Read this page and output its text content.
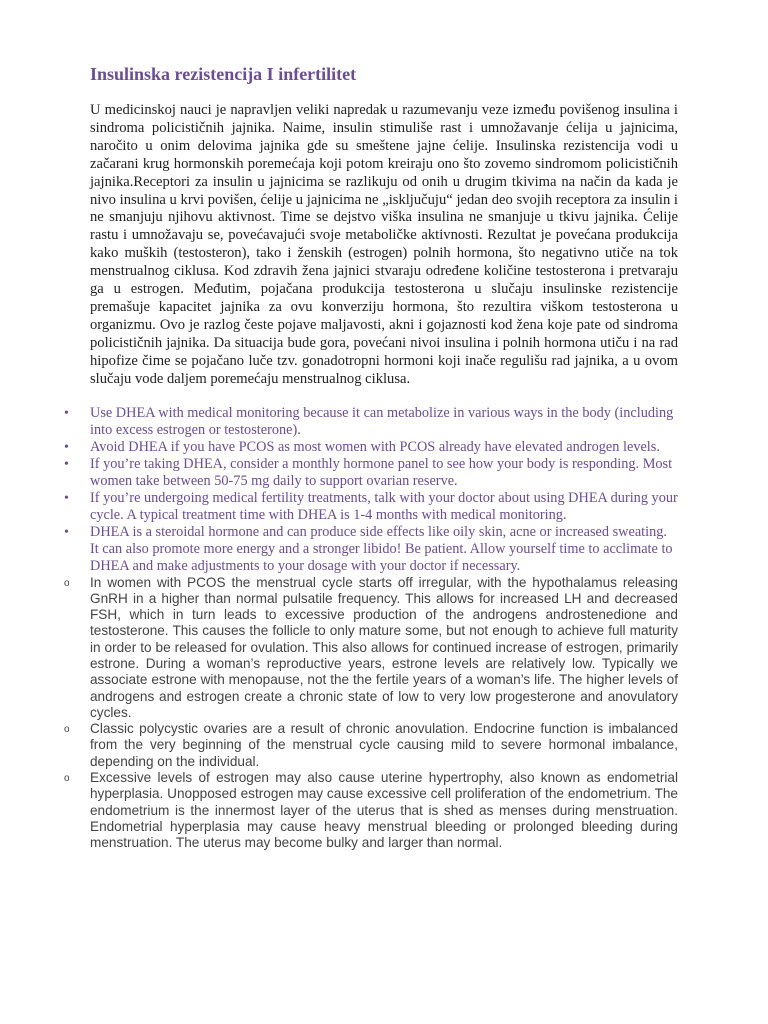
Insulinska rezistencija I infertilitet

U medicinskoj nauci je napravljen veliki napredak u razumevanju veze između povišenog insulina i sindroma policističnih jajnika. Naime, insulin stimuliše rast i umnožavanje ćelija u jajnicima, naročito u onim delovima jajnika gde su smeštene jajne ćelije. Insulinska rezistencija vodi u začarani krug hormonskih poremećaja koji potom kreiraju ono što zovemo sindromom policističnih jajnika.Receptori za insulin u jajnicima se razlikuju od onih u drugim tkivima na način da kada je nivo insulina u krvi povišen, ćelije u jajnicima ne „isključuju“ jedan deo svojih receptora za insulin i ne smanjuju njihovu aktivnost. Time se dejstvo viška insulina ne smanjuje u tkivu jajnika. Ćelije rastu i umnožavaju se, povećavajući svoje metaboličke aktivnosti. Rezultat je povećana produkcija kako muških (testosteron), tako i ženskih (estrogen) polnih hormona, što negativno utiče na tok menstrualnog ciklusa. Kod zdravih žena jajnici stvaraju određene količine testosterona i pretvaraju ga u estrogen. Međutim, pojačana produkcija testosterona u slučaju insulinske rezistencije premašuje kapacitet jajnika za ovu konverziju hormona, što rezultira viškom testosterona u organizmu. Ovo je razlog česte pojave maljavosti, akni i gojaznosti kod žena koje pate od sindroma policističnih jajnika. Da situacija bude gora, povećani nivoi insulina i polnih hormona utiču i na rad hipofize čime se pojačano luče tzv. gonadotropni hormoni koji inače regulišu rad jajnika, a u ovom slučaju vode daljem poremećaju menstrualnog ciklusa.

• Use DHEA with medical monitoring because it can metabolize in various ways in the body (including into excess estrogen or testosterone).
• Avoid DHEA if you have PCOS as most women with PCOS already have elevated androgen levels.
• If you’re taking DHEA, consider a monthly hormone panel to see how your body is responding. Most women take between 50-75 mg daily to support ovarian reserve.
• If you’re undergoing medical fertility treatments, talk with your doctor about using DHEA during your cycle. A typical treatment time with DHEA is 1-4 months with medical monitoring.
• DHEA is a steroidal hormone and can produce side effects like oily skin, acne or increased sweating. It can also promote more energy and a stronger libido! Be patient. Allow yourself time to acclimate to DHEA and make adjustments to your dosage with your doctor if necessary.
o In women with PCOS the menstrual cycle starts off irregular, with the hypothalamus releasing GnRH in a higher than normal pulsatile frequency. This allows for increased LH and decreased FSH, which in turn leads to excessive production of the androgens androstenedione and testosterone. This causes the follicle to only mature some, but not enough to achieve full maturity in order to be released for ovulation. This also allows for continued increase of estrogen, primarily estrone. During a woman’s reproductive years, estrone levels are relatively low. Typically we associate estrone with menopause, not the the fertile years of a woman’s life. The higher levels of androgens and estrogen create a chronic state of low to very low progesterone and anovulatory cycles.
o Classic polycystic ovaries are a result of chronic anovulation. Endocrine function is imbalanced from the very beginning of the menstrual cycle causing mild to severe hormonal imbalance, depending on the individual.
o Excessive levels of estrogen may also cause uterine hypertrophy, also known as endometrial hyperplasia. Unopposed estrogen may cause excessive cell proliferation of the endometrium. The endometrium is the innermost layer of the uterus that is shed as menses during menstruation. Endometrial hyperplasia may cause heavy menstrual bleeding or prolonged bleeding during menstruation. The uterus may become bulky and larger than normal.
